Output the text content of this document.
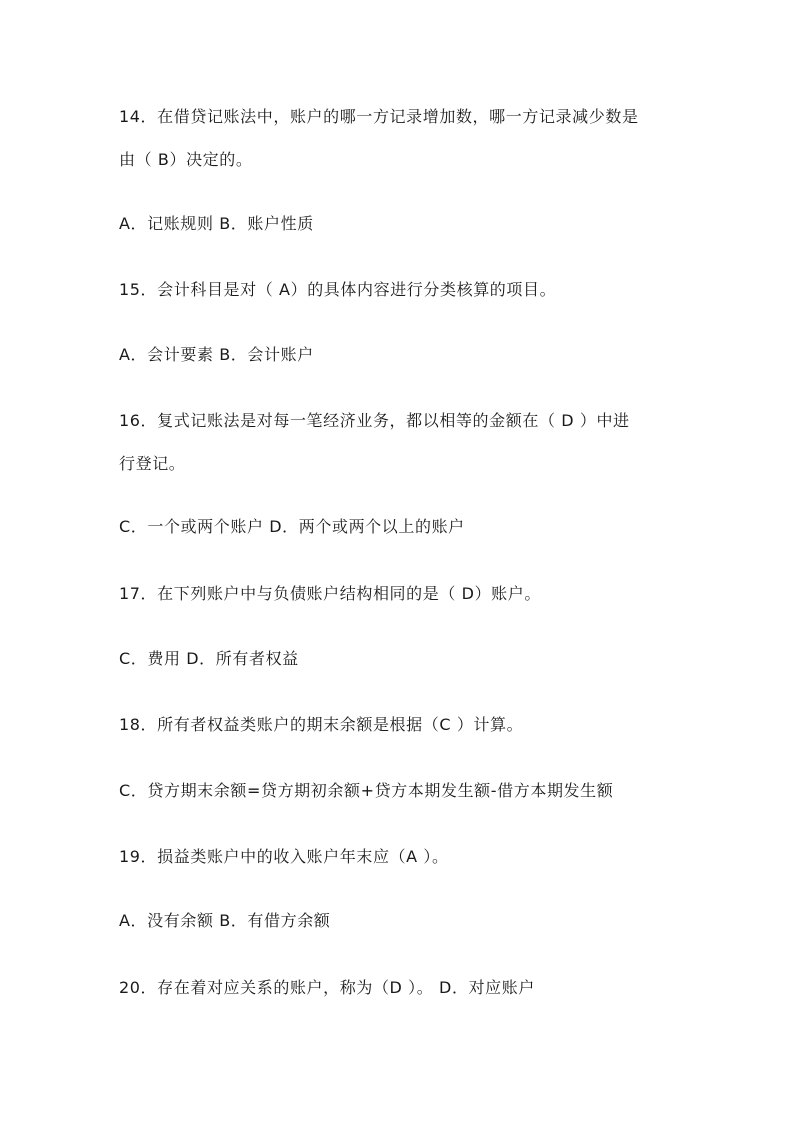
14．在借贷记账法中，账户的哪一方记录增加数，哪一方记录减少数是
由（ B）决定的。
A．记账规则 B．账户性质
15．会计科目是对（ A）的具体内容进行分类核算的项目。
A．会计要素 B．会计账户
16．复式记账法是对每一笔经济业务，都以相等的金额在（ D ）中进
行登记。
C．一个或两个账户 D．两个或两个以上的账户
17．在下列账户中与负债账户结构相同的是（ D）账户。
C．费用 D．所有者权益
18．所有者权益类账户的期末余额是根据（C ）计算。
C．贷方期末余额=贷方期初余额+贷方本期发生额-借方本期发生额
19．损益类账户中的收入账户年末应（A ）。
A．没有余额 B．有借方余额
20．存在着对应关系的账户，称为（D ）。 D．对应账户
